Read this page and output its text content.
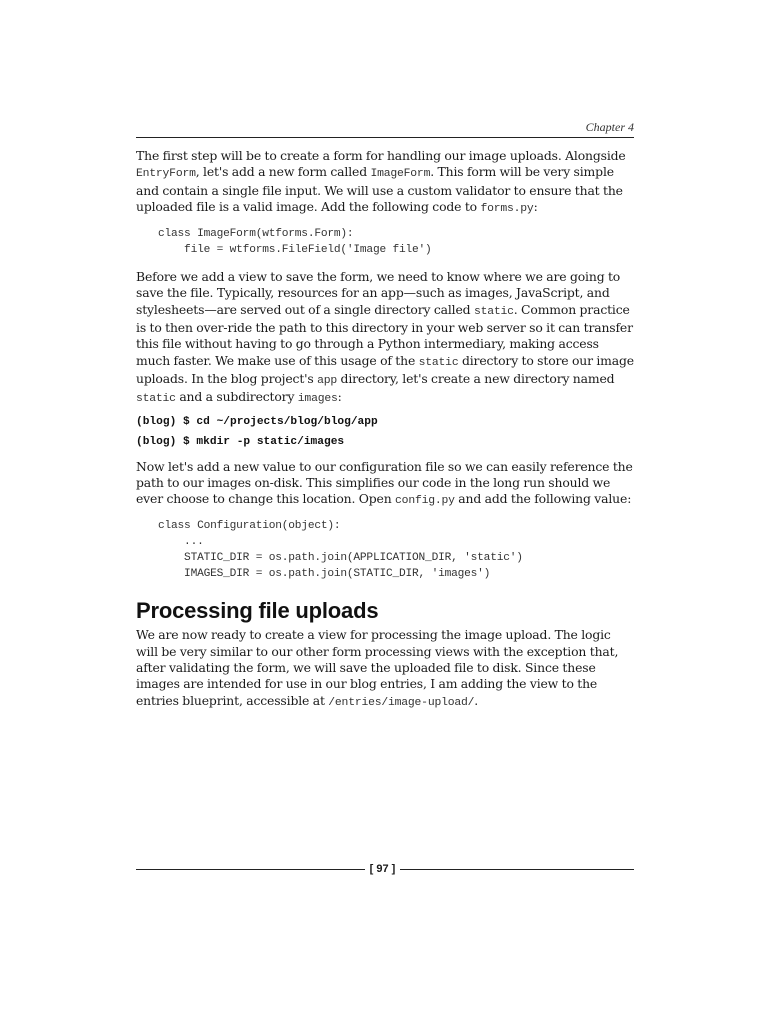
Chapter 4

The first step will be to create a form for handling our image uploads. Alongside EntryForm, let's add a new form called ImageForm. This form will be very simple and contain a single file input. We will use a custom validator to ensure that the uploaded file is a valid image. Add the following code to forms.py:

class ImageForm(wtforms.Form):
file = wtforms.FileField('Image file')

Before we add a view to save the form, we need to know where we are going to save the file. Typically, resources for an app—such as images, JavaScript, and stylesheets—are served out of a single directory called static. Common practice is to then over-ride the path to this directory in your web server so it can transfer this file without having to go through a Python intermediary, making access much faster. We make use of this usage of the static directory to store our image uploads. In the blog project's app directory, let's create a new directory named static and a subdirectory images:

(blog) $ cd ~/projects/blog/blog/app
(blog) $ mkdir -p static/images

Now let's add a new value to our configuration file so we can easily reference the path to our images on-disk. This simplifies our code in the long run should we ever choose to change this location. Open config.py and add the following value:

class Configuration(object):
...
STATIC_DIR = os.path.join(APPLICATION_DIR, 'static')
IMAGES_DIR = os.path.join(STATIC_DIR, 'images')
Processing file uploads

We are now ready to create a view for processing the image upload. The logic will be very similar to our other form processing views with the exception that, after validating the form, we will save the uploaded file to disk. Since these images are intended for use in our blog entries, I am adding the view to the entries blueprint, accessible at /entries/image-upload/.

[ 97 ]
